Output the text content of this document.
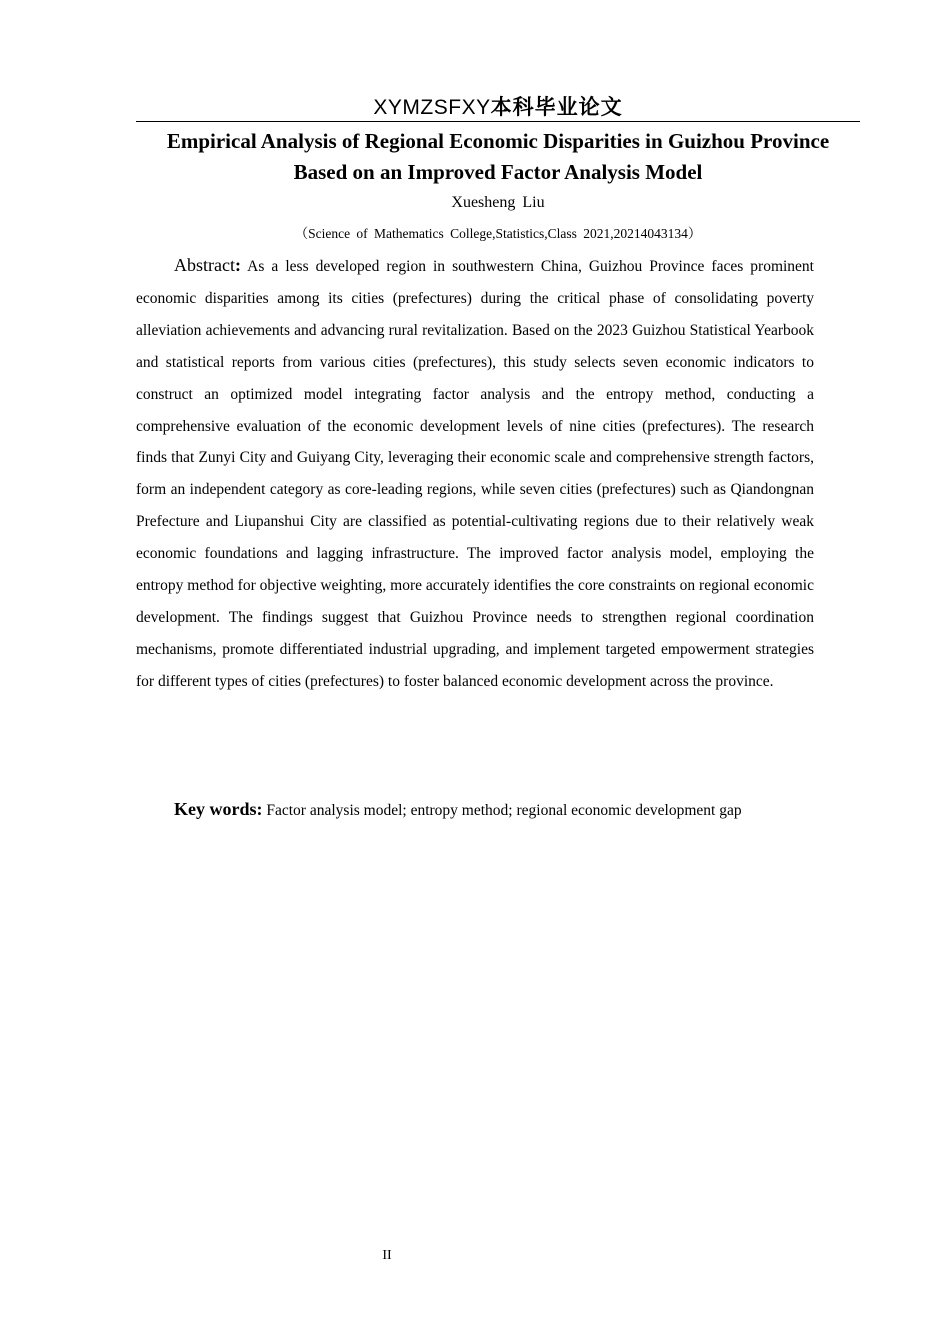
XYMZSFXY本科毕业论文
Empirical Analysis of Regional Economic Disparities in Guizhou Province
Based on an Improved Factor Analysis Model
Xuesheng Liu
（Science of Mathematics College,Statistics,Class 2021,20214043134）

Abstract: As a less developed region in southwestern China, Guizhou Province faces prominent economic disparities among its cities (prefectures) during the critical phase of consolidating poverty alleviation achievements and advancing rural revitalization. Based on the 2023 Guizhou Statistical Yearbook and statistical reports from various cities (prefectures), this study selects seven economic indicators to construct an optimized model integrating factor analysis and the entropy method, conducting a comprehensive evaluation of the economic development levels of nine cities (prefectures). The research finds that Zunyi City and Guiyang City, leveraging their economic scale and comprehensive strength factors, form an independent category as core-leading regions, while seven cities (prefectures) such as Qiandongnan Prefecture and Liupanshui City are classified as potential-cultivating regions due to their relatively weak economic foundations and lagging infrastructure. The improved factor analysis model, employing the entropy method for objective weighting, more accurately identifies the core constraints on regional economic development. The findings suggest that Guizhou Province needs to strengthen regional coordination mechanisms, promote differentiated industrial upgrading, and implement targeted empowerment strategies for different types of cities (prefectures) to foster balanced economic development across the province.

Key words: Factor analysis model; entropy method; regional economic development gap

II
